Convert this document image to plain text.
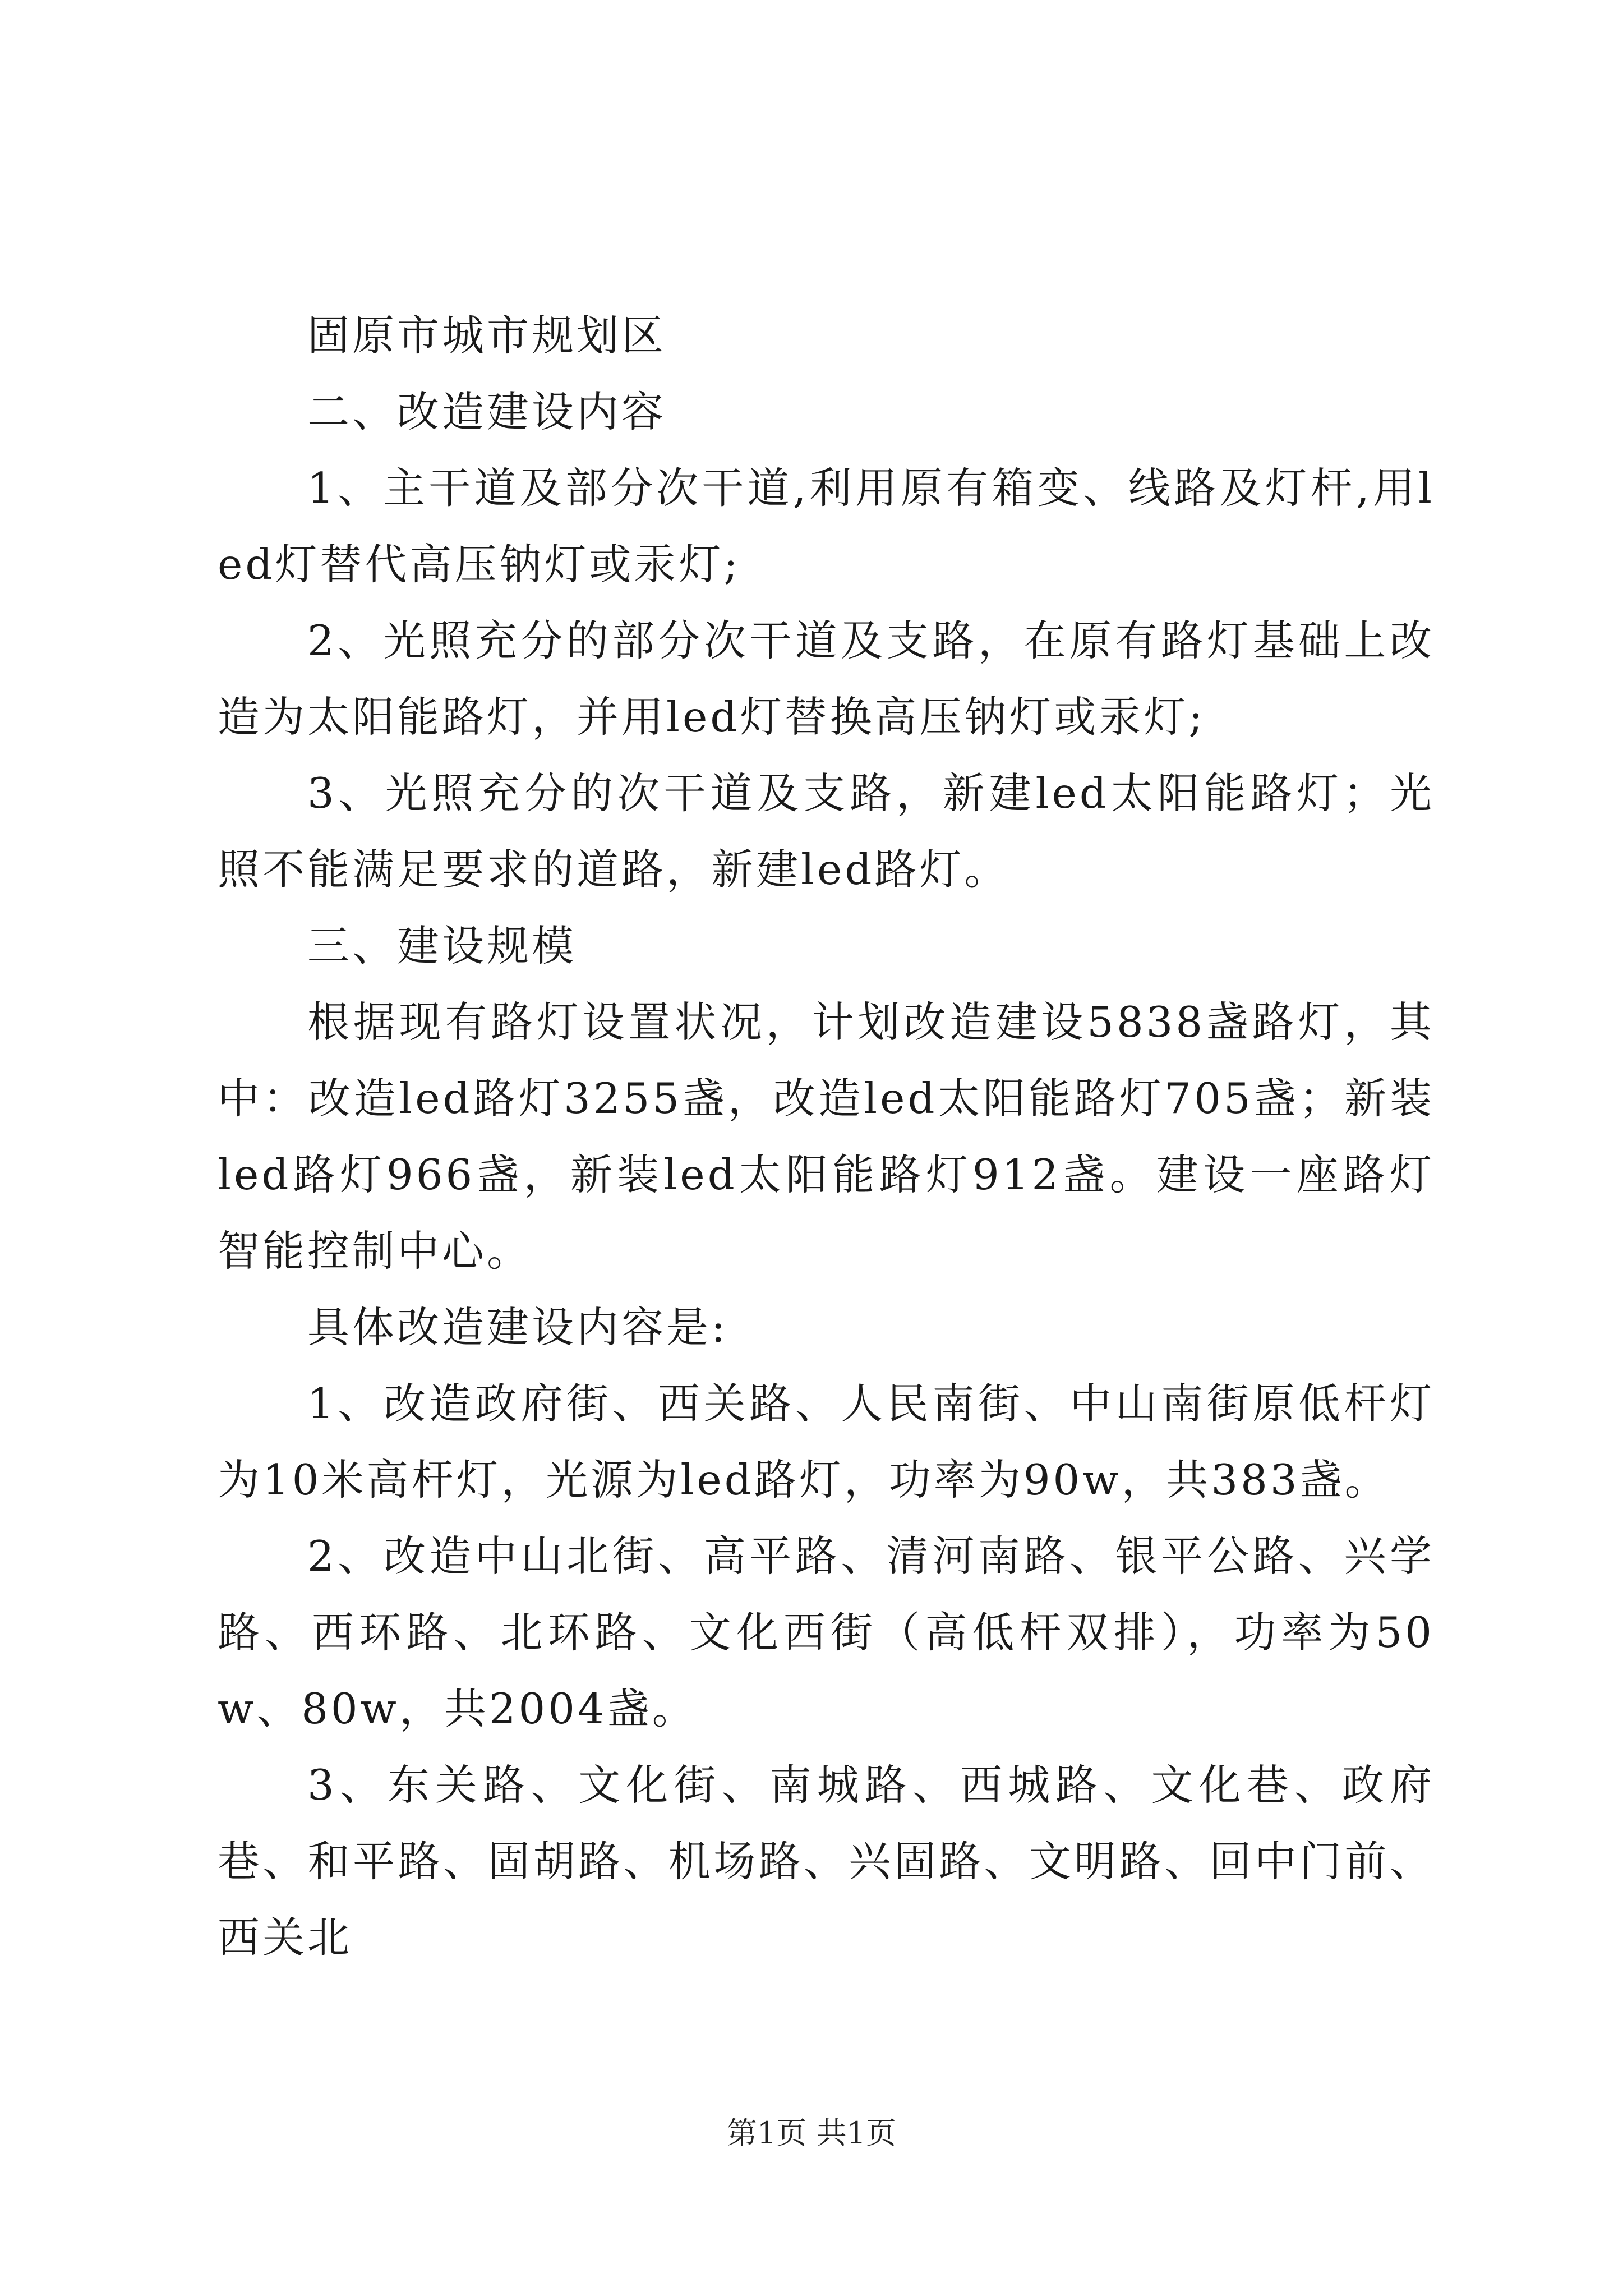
固原市城市规划区

二、改造建设内容

1、主干道及部分次干道,利用原有箱变、线路及灯杆,用led灯替代高压钠灯或汞灯;

2、光照充分的部分次干道及支路，在原有路灯基础上改造为太阳能路灯，并用led灯替换高压钠灯或汞灯;

3、光照充分的次干道及支路，新建led太阳能路灯；光照不能满足要求的道路，新建led路灯。

三、建设规模

根据现有路灯设置状况，计划改造建设5838盏路灯，其中：改造led路灯3255盏，改造led太阳能路灯705盏；新装led路灯966盏，新装led太阳能路灯912盏。建设一座路灯智能控制中心。

具体改造建设内容是:

1、改造政府街、西关路、人民南街、中山南街原低杆灯为10米高杆灯，光源为led路灯，功率为90w，共383盏。

2、改造中山北街、高平路、清河南路、银平公路、兴学路、西环路、北环路、文化西街（高低杆双排），功率为50w、80w，共2004盏。

3、东关路、文化街、南城路、西城路、文化巷、政府巷、和平路、固胡路、机场路、兴固路、文明路、回中门前、西关北

第1页 共1页
